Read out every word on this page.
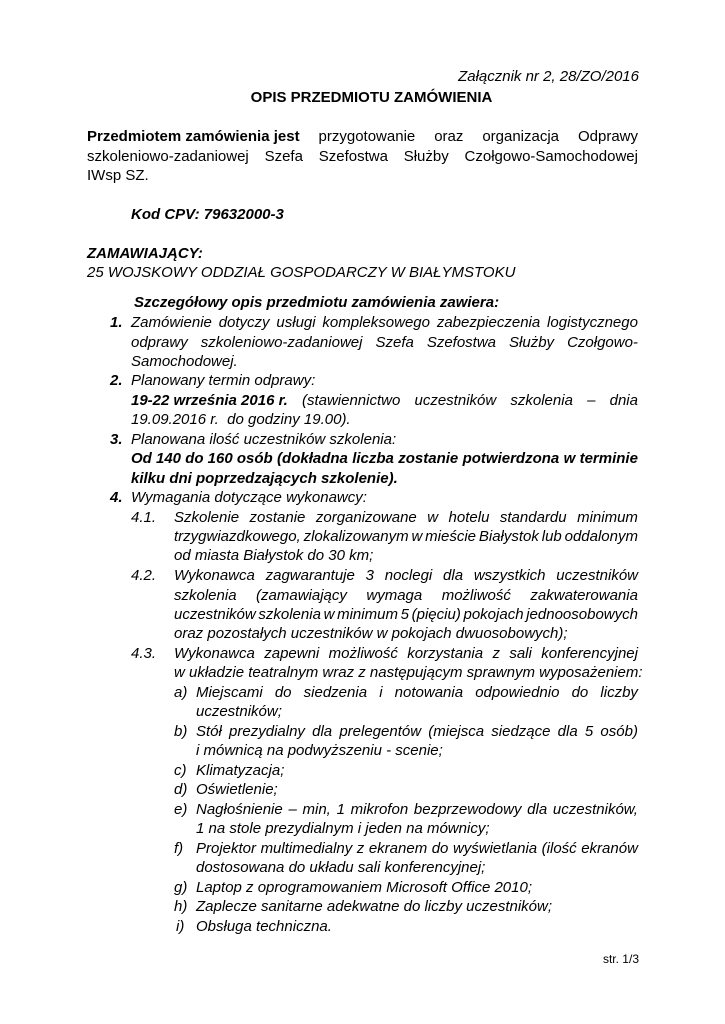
Załącznik nr 2, 28/ZO/2016
OPIS PRZEDMIOTU ZAMÓWIENIA
Przedmiotem zamówienia jest przygotowanie oraz organizacja Odprawy
szkoleniowo-zadaniowej Szefa Szefostwa Służby Czołgowo-Samochodowej
IWsp SZ.
Kod CPV: 79632000-3
ZAMAWIAJĄCY:
25 WOJSKOWY ODDZIAŁ GOSPODARCZY W BIAŁYMSTOKU
Szczegółowy opis przedmiotu zamówienia zawiera:
1. Zamówienie dotyczy usługi kompleksowego zabezpieczenia logistycznego
odprawy szkoleniowo-zadaniowej Szefa Szefostwa Służby Czołgowo-
Samochodowej.
2. Planowany termin odprawy:
19-22 września 2016 r. (stawiennictwo uczestników szkolenia – dnia
19.09.2016 r.  do godziny 19.00).
3. Planowana ilość uczestników szkolenia:
Od 140 do 160 osób (dokładna liczba zostanie potwierdzona w terminie
kilku dni poprzedzających szkolenie).
4. Wymagania dotyczące wykonawcy:
4.1. Szkolenie zostanie zorganizowane w hotelu standardu minimum
trzygwiazdkowego, zlokalizowanym w mieście Białystok lub oddalonym
od miasta Białystok do 30 km;
4.2. Wykonawca zagwarantuje 3 noclegi dla wszystkich uczestników
szkolenia (zamawiający wymaga możliwość zakwaterowania
uczestników szkolenia w minimum 5 (pięciu) pokojach jednoosobowych
oraz pozostałych uczestników w pokojach dwuosobowych);
4.3. Wykonawca zapewni możliwość korzystania z sali konferencyjnej
w układzie teatralnym wraz z następującym sprawnym wyposażeniem:
a) Miejscami do siedzenia i notowania odpowiednio do liczby
uczestników;
b) Stół prezydialny dla prelegentów (miejsca siedzące dla 5 osób)
i mównicą na podwyższeniu - scenie;
c) Klimatyzacja;
d) Oświetlenie;
e) Nagłośnienie – min, 1 mikrofon bezprzewodowy dla uczestników,
1 na stole prezydialnym i jeden na mównicy;
f) Projektor multimedialny z ekranem do wyświetlania (ilość ekranów
dostosowana do układu sali konferencyjnej;
g) Laptop z oprogramowaniem Microsoft Office 2010;
h) Zaplecze sanitarne adekwatne do liczby uczestników;
i) Obsługa techniczna.
str. 1/3
